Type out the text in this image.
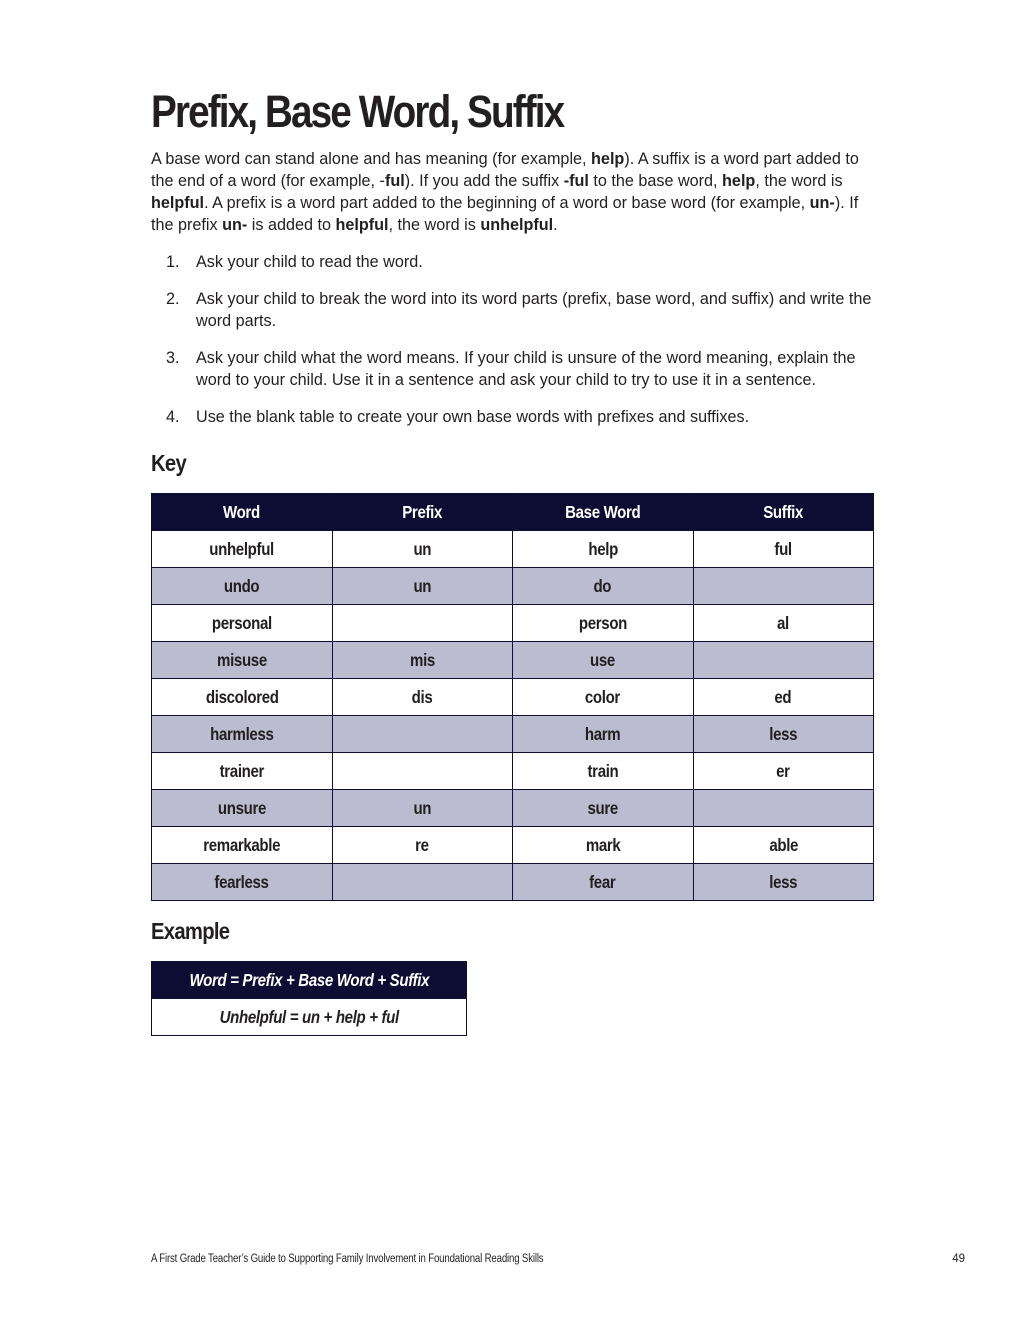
Prefix, Base Word, Suffix

A base word can stand alone and has meaning (for example, help). A suffix is a word part added to the end of a word (for example, -ful). If you add the suffix -ful to the base word, help, the word is helpful. A prefix is a word part added to the beginning of a word or base word (for example, un-). If the prefix un- is added to helpful, the word is unhelpful.

1. Ask your child to read the word.
2. Ask your child to break the word into its word parts (prefix, base word, and suffix) and write the word parts.
3. Ask your child what the word means. If your child is unsure of the word meaning, explain the word to your child. Use it in a sentence and ask your child to try to use it in a sentence.
4. Use the blank table to create your own base words with prefixes and suffixes.
Key
Word	Prefix	Base Word	Suffix
unhelpful	un	help	ful
undo	un	do	
personal		person	al
misuse	mis	use	
discolored	dis	color	ed
harmless		harm	less
trainer		train	er
unsure	un	sure	
remarkable	re	mark	able
fearless		fear	less
Example
Word = Prefix + Base Word + Suffix
Unhelpful = un + help + ful
A First Grade Teacher’s Guide to Supporting Family Involvement in Foundational Reading Skills	49
